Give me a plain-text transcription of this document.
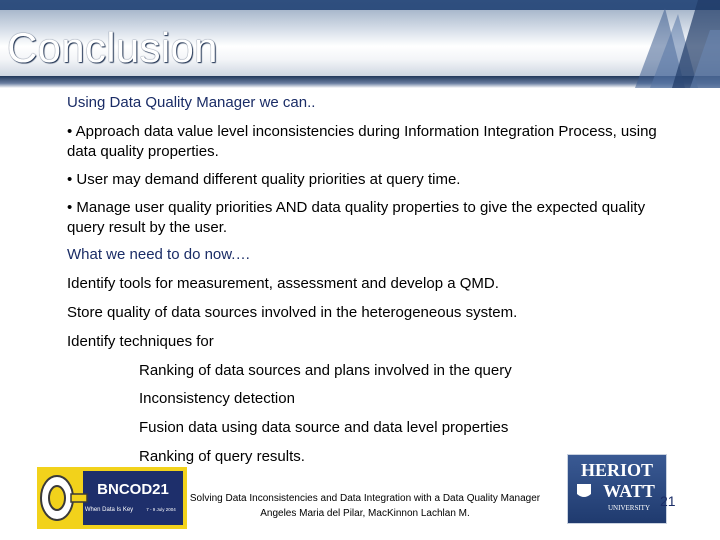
Conclusion
Using Data Quality Manager we can..
• Approach data value level inconsistencies during Information Integration Process, using data quality properties.
• User may demand different quality priorities at query time.
• Manage user quality priorities AND data quality properties to give the expected quality query result by the user.
What we need to do now.…
Identify tools for measurement, assessment and develop a QMD.
Store quality of data sources involved in the heterogeneous system.
Identify techniques for
Ranking of data sources and plans involved in the query
Inconsistency detection
Fusion data using data source and data level properties
Ranking of query results.
BNCOD21
When Data Is Key	7 - 9 July 2004
Solving Data Inconsistencies and Data Integration with a Data Quality Manager
Angeles Maria del Pilar, MacKinnon Lachlan M.
HERIOT
WATT
UNIVERSITY 21
